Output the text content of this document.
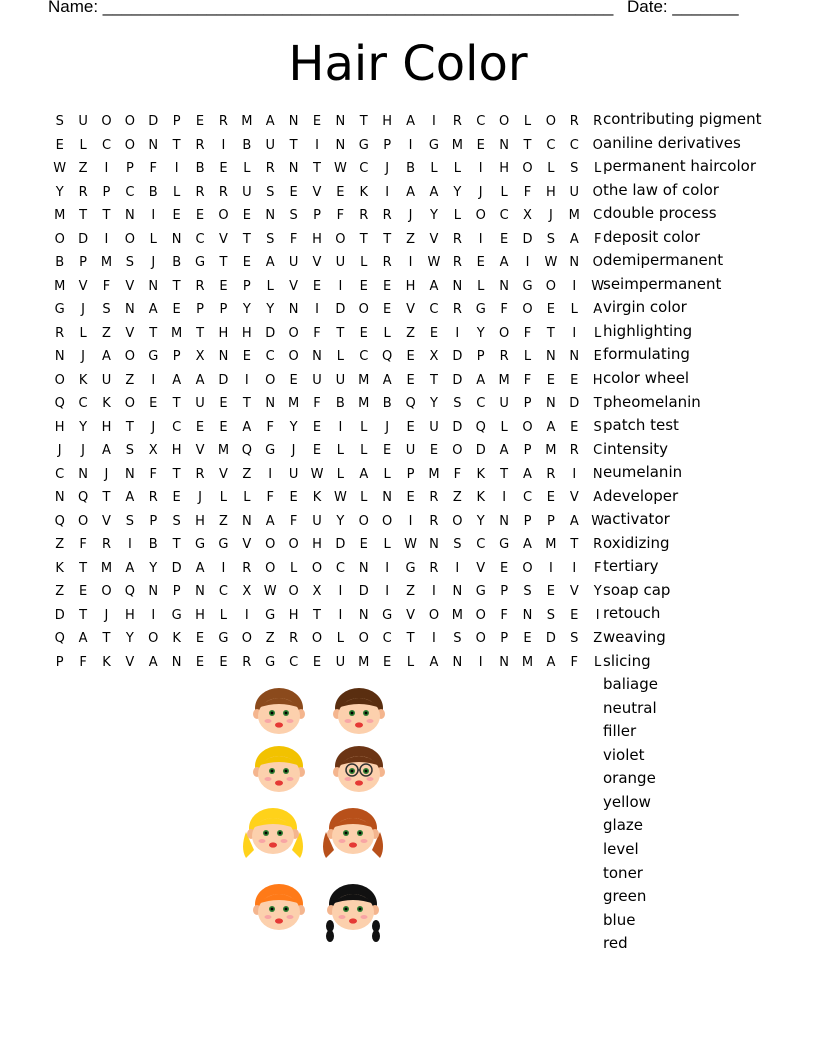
Name: ______________________________________________________ Date: _______
Hair Color
S	U	O	O	D	P	E	R	M	A	N	E	N	T	H	A	I	R	C	O	L	O	R	R
E	L	C	O	N	T	R	I	B	U	T	I	N	G	P	I	G M	E	N	T	C	C	O
W Z	I	P	F	I	B	E	L	R	N	T W C	J	B	L	L	I	H	O	L	S	L
Y	R	P	C	B	L	R	R	U	S	E	V	E	K	I	A	A	Y	J	L	F	H	U	O
M	T	T	N	I	E	E	O	E	N	S	P	F	R	R	J	Y	L	O	C	X	J	M	C
O	D	I	O	L	N	C	V	T	S	F	H	O	T	T	Z	V	R	I	E	D	S	A	F
B	P	M	S	J	B	G	T	E	A	U	V	U	L	R	I	W R	E	A	I	W N	O
M	V	F	V	N	T	R	E	P	L	V	E	I	E	E	H	A	N	L	N	G	O	I	W
G	J	S	N	A	E	P	P	Y	Y	N	I	D	O	E	V	C	R	G	F	O	E	L	A
R	L	Z	V	T	M	T	H	H	D	O	F	T	E	L	Z	E	I	Y	O	F	T	I	L
N	J	A	O	G	P	X	N	E	C	O	N	L	C	Q	E	X	D	P	R	L	N	N	E
O	K	U	Z	I	A	A	D	I	O	E	U	U	M	A	E	T	D	A	M	F	E	E	H
Q	C	K	O	E	T	U	E	T	N M	F	B	M	B	Q	Y	S	C	U	P	N	D	T
H	Y	H	T	J	C	E	E	A	F	Y	E	I	L	J	E	U	D	Q	L	O	A	E	S
J	J	A	S	X	H	V	M Q	G	J	E	L	L	E	U	E	O	D	A	P	M	R	C
C	N	J	N	F	T	R	V	Z	I	U W	L	A	L	P	M	F	K	T	A	R	I	N
N	Q	T	A	R	E	J	L	L	F	E	K W	L	N	E	R	Z	K	I	C	E	V	A
Q	O	V	S	P	S	H	Z	N	A	F	U	Y	O	O	I	R	O	Y	N	P	P	A W
Z	F	R	I	B	T	G	G	V	O	O	H	D	E	L	W N	S	C	G	A	M	T	R
K	T	M	A	Y	D	A	I	R	O	L	O	C	N	I	G	R	I	V	E	O	I	I	F
Z	E	O	Q	N	P	N	C	X W O	X	I	D	I	Z	I	N	G	P	S	E	V	Y
D	T	J	H	I	G	H	L	I	G	H	T	I	N	G	V	O M O	F	N	S	E	I
Q	A	T	Y	O	K	E	G	O	Z	R	O	L	O	C	T	I	S	O	P	E	D	S	Z
P	F	K	V	A	N	E	E	R	G	C	E	U	M	E	L	A	N	I	N M	A	F	L
contributing pigment
aniline derivatives
permanent haircolor
the law of color
double process
deposit color
demipermanent
seimpermanent
virgin color
highlighting
formulating
color wheel
pheomelanin
patch test
intensity
eumelanin
developer
activator
oxidizing
tertiary
soap cap
retouch
weaving
slicing
baliage
neutral
filler
violet
orange
yellow
glaze
level
toner
green
blue
red
